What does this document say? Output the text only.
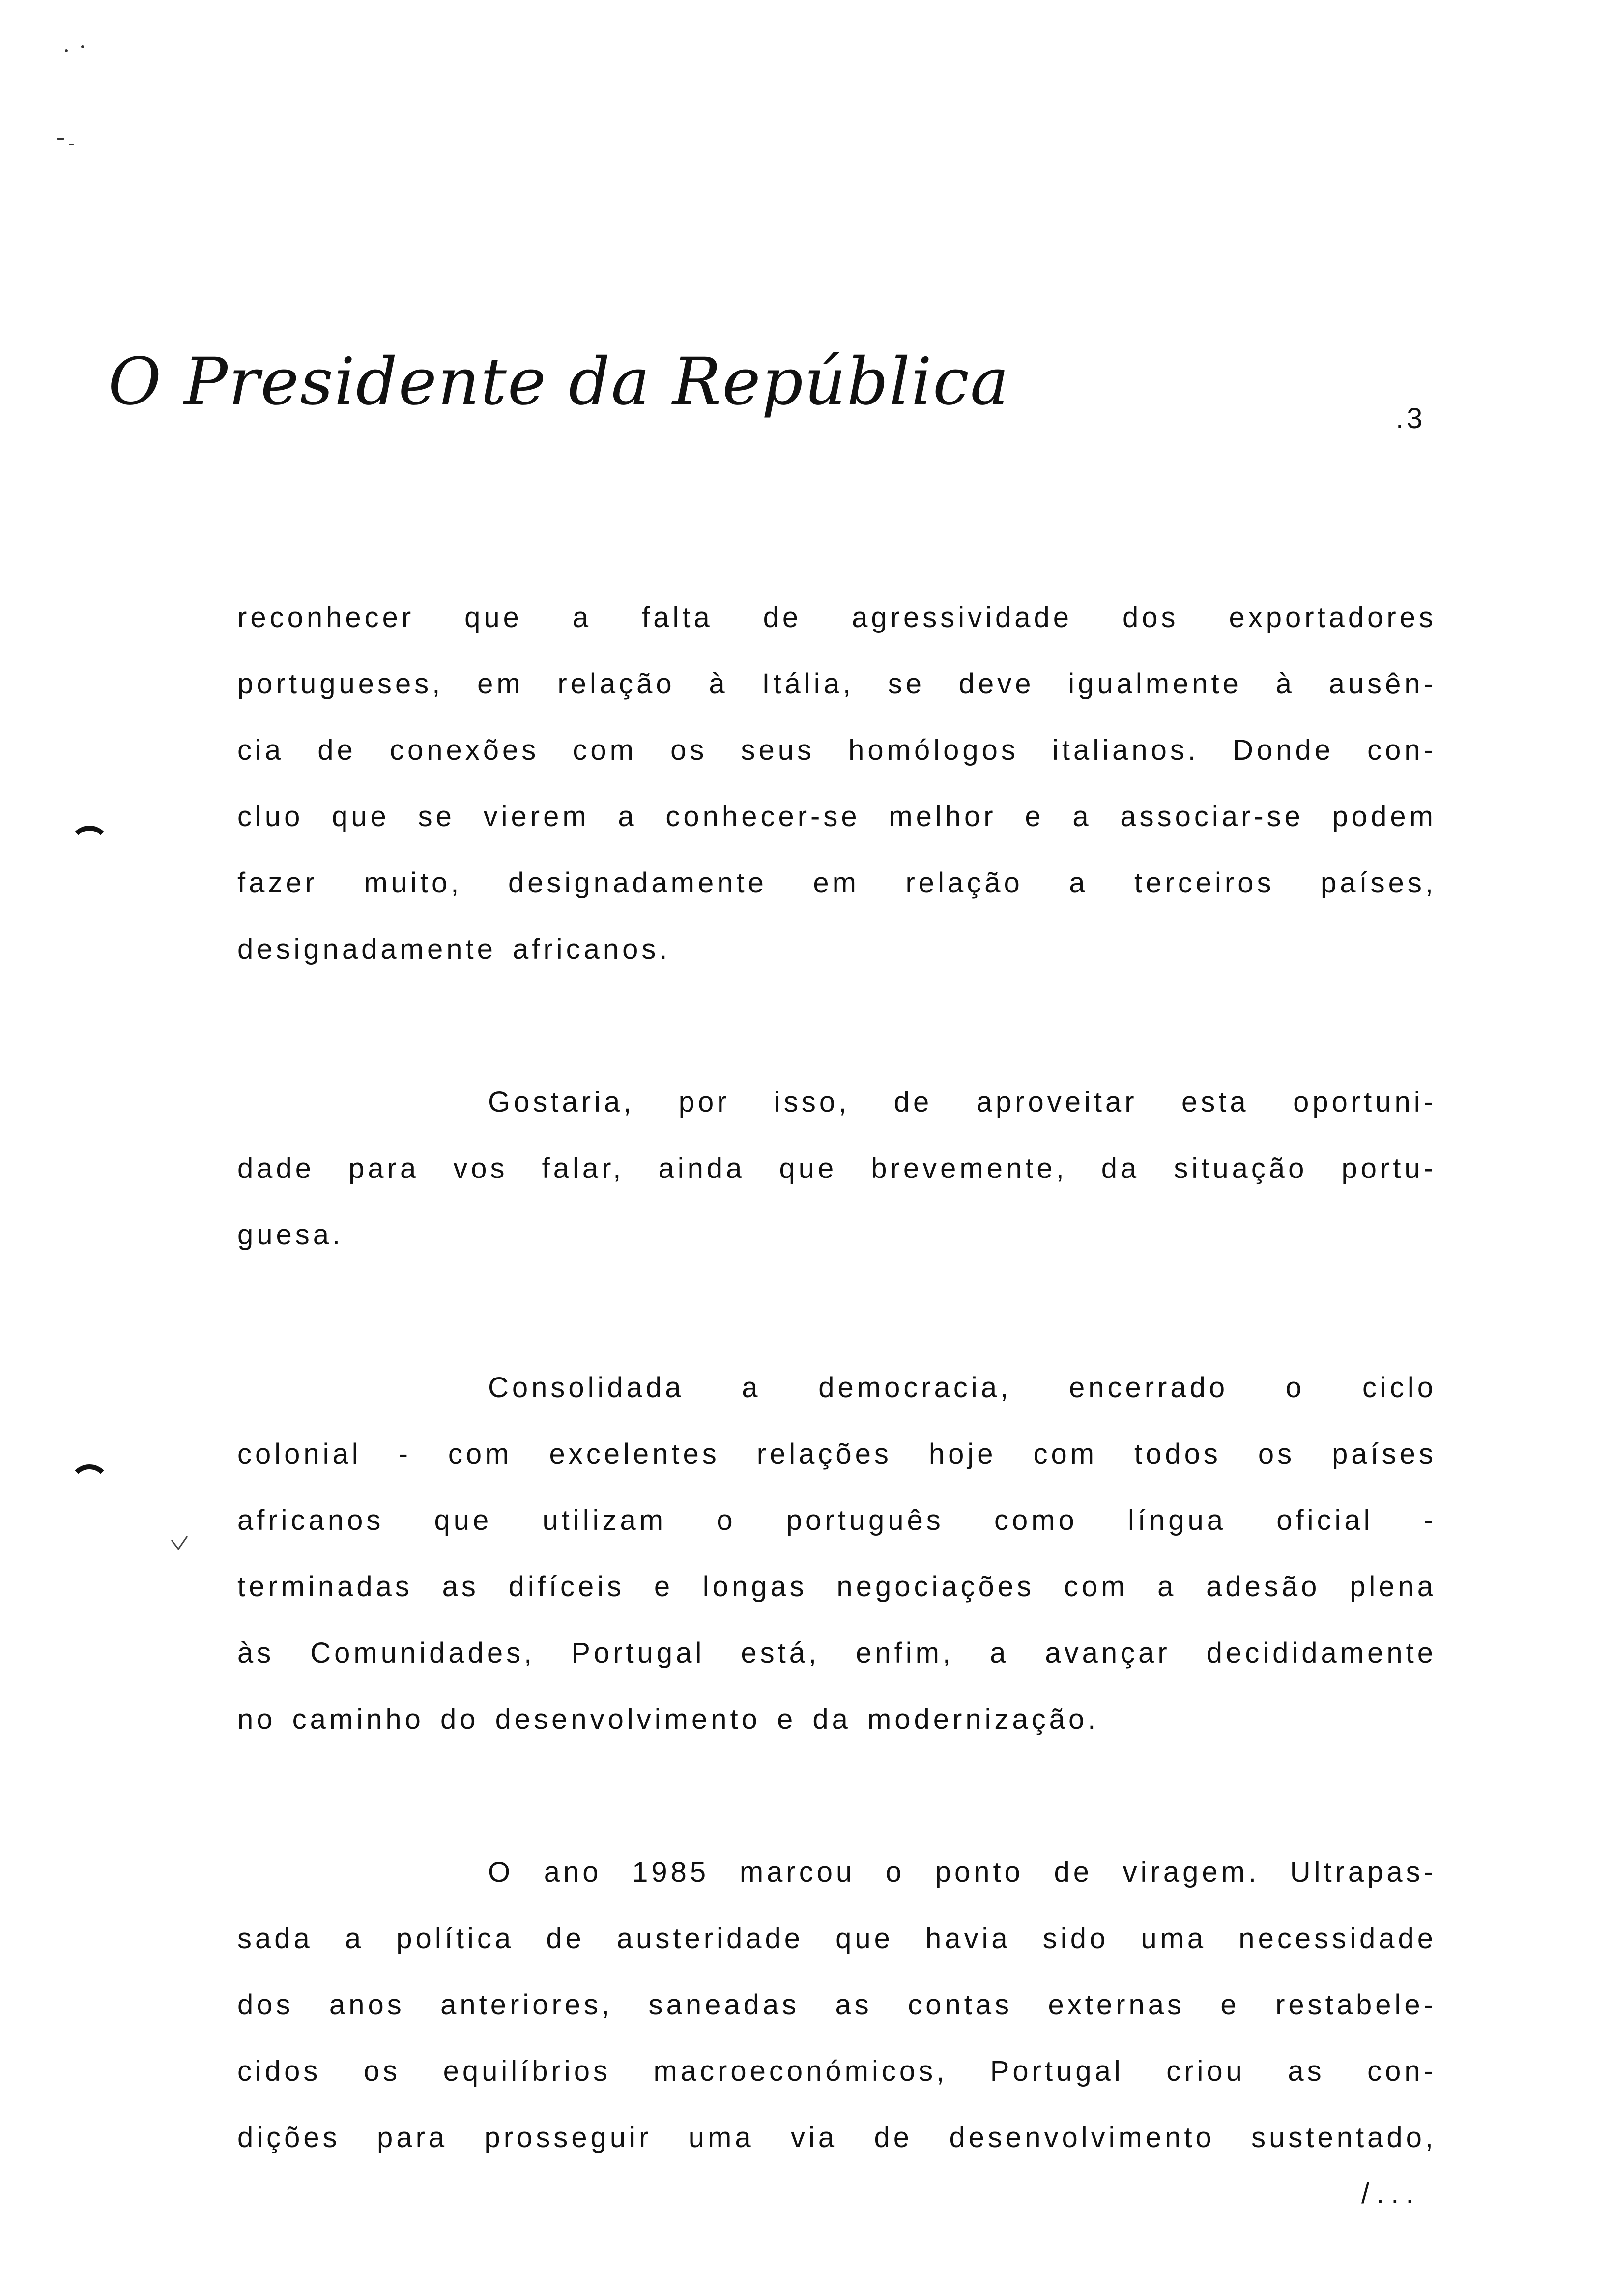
O Presidente da República	.3
reconhecer que a falta de agressividade dos exportadores
portugueses, em relação à Itália, se deve igualmente à ausên-
cia de conexões com os seus homólogos italianos. Donde con-
cluo que se vierem a conhecer-se melhor e a associar-se podem
fazer muito, designadamente em relação a terceiros países,
designadamente africanos.
Gostaria, por isso, de aproveitar esta oportuni-
dade para vos falar, ainda que brevemente, da situação portu-
guesa.
Consolidada a democracia, encerrado o ciclo
colonial - com excelentes relações hoje com todos os países
africanos que utilizam o português como língua oficial -
terminadas as difíceis e longas negociações com a adesão plena
às Comunidades, Portugal está, enfim, a avançar decididamente
no caminho do desenvolvimento e da modernização.
O ano 1985 marcou o ponto de viragem. Ultrapas-
sada a política de austeridade que havia sido uma necessidade
dos anos anteriores, saneadas as contas externas e restabele-
cidos os equilíbrios macroeconómicos, Portugal criou as con-
dições para prosseguir uma via de desenvolvimento sustentado,
/...
